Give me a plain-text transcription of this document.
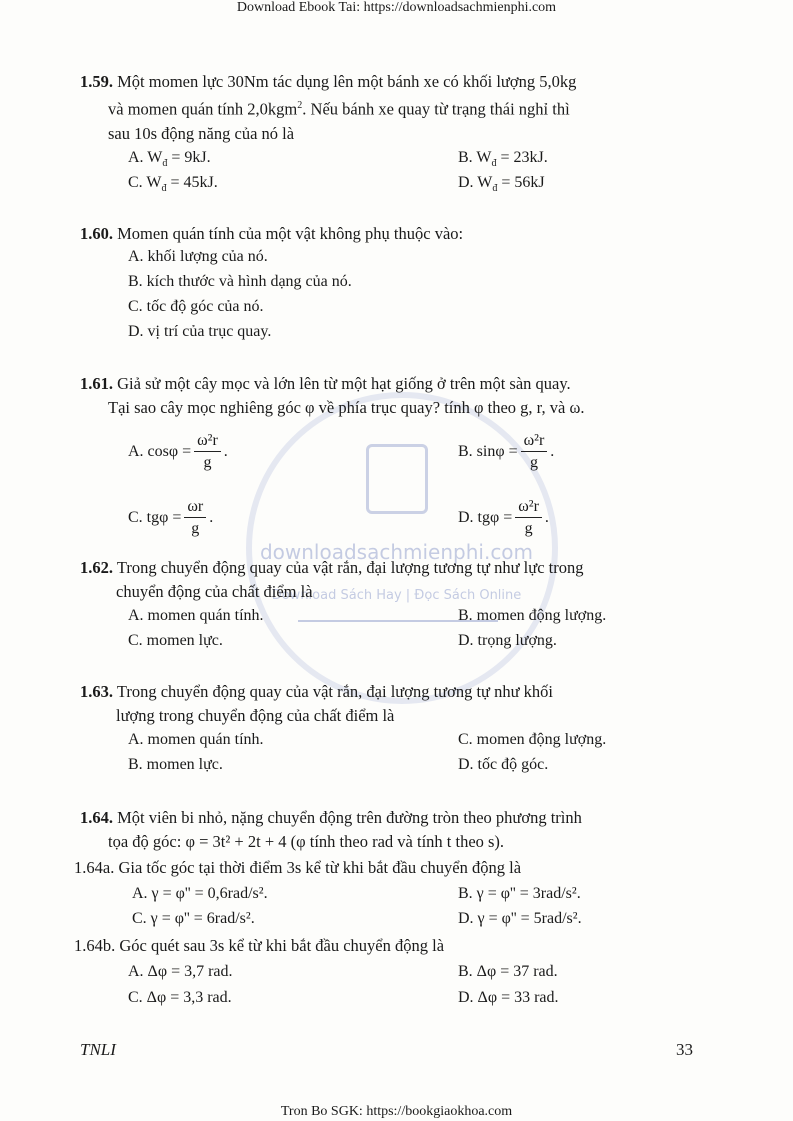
Download Ebook Tai: https://downloadsachmienphi.com
downloadsachmienphi.com
Download Sách Hay | Đọc Sách Online
1.59. Một momen lực 30Nm tác dụng lên một bánh xe có khối lượng 5,0kg
và momen quán tính 2,0kgm$^2$. Nếu bánh xe quay từ trạng thái nghỉ thì
sau 10s động năng của nó là
A. $W_đ = 9kJ$.	B. $W_đ = 23kJ$.
C. $W_đ = 45kJ$.	D. $W_đ = 56kJ$
1.60. Momen quán tính của một vật không phụ thuộc vào:
A. khối lượng của nó.
B. kích thước và hình dạng của nó.
C. tốc độ góc của nó.
D. vị trí của trục quay.
1.61. Giả sử một cây mọc và lớn lên từ một hạt giống ở trên một sàn quay.
Tại sao cây mọc nghiêng góc φ về phía trục quay? tính φ theo g, r, và ω.
A. $\cos\varphi = \frac{\text{ω²r}}{g}$ .	B. $\sin\varphi = \frac{\text{ω²r}}{g}$ .
C. $tg\varphi = \frac{\omega r}{g}$ .	D. $tg\varphi = \frac{\text{ω²r}}{g}$ .
1.62. Trong chuyển động quay của vật rắn, đại lượng tương tự như lực trong
chuyển động của chất điểm là
A. momen quán tính.	B. momen động lượng.
C. momen lực.	D. trọng lượng.
1.63. Trong chuyển động quay của vật rắn, đại lượng tương tự như khối
lượng trong chuyển động của chất điểm là
A. momen quán tính.	C. momen động lượng.
B. momen lực.	D. tốc độ góc.
1.64. Một viên bi nhỏ, nặng chuyển động trên đường tròn theo phương trình
tọa độ góc: φ = 3t² + 2t + 4 (φ tính theo rad và tính t theo s).
1.64a. Gia tốc góc tại thời điểm 3s kể từ khi bắt đầu chuyển động là
A. γ = φ'' = 0,6rad/s².	B. γ = φ'' = 3rad/s².
C. γ = φ'' = 6rad/s².	D. γ = φ'' = 5rad/s².
1.64b. Góc quét sau 3s kể từ khi bắt đầu chuyển động là
A. Δφ = 3,7 rad.	B. Δφ = 37 rad.
C. Δφ = 3,3 rad.	D. Δφ = 33 rad.
TNLI	33
Tron Bo SGK: https://bookgiaokhoa.com
